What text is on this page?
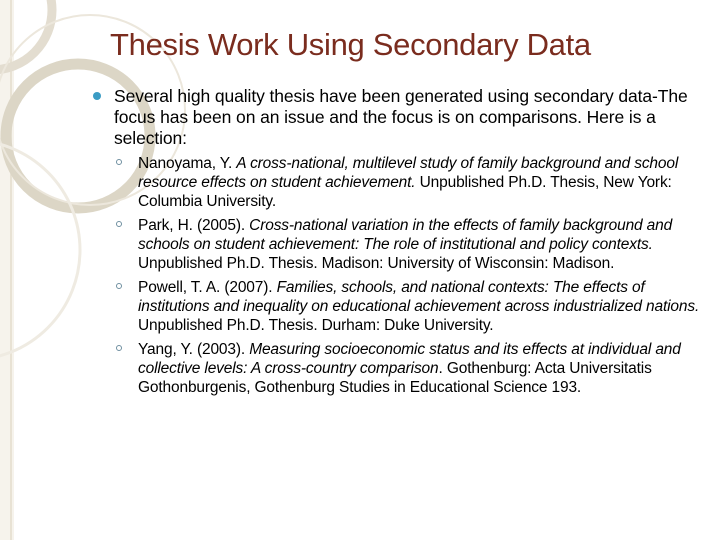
Thesis Work Using Secondary Data
Several high quality thesis have been generated using secondary data-The focus has been on an issue and the focus is on comparisons. Here is a selection:
Nanoyama, Y. A cross-national, multilevel study of family background and school resource effects on student achievement. Unpublished Ph.D. Thesis, New York: Columbia University.
Park, H. (2005). Cross-national variation in the effects of family background and schools on student achievement: The role of institutional and policy contexts. Unpublished Ph.D. Thesis. Madison: University of Wisconsin: Madison.
Powell, T. A. (2007). Families, schools, and national contexts: The effects of institutions and inequality on educational achievement across industrialized nations. Unpublished Ph.D. Thesis. Durham: Duke University.
Yang, Y. (2003). Measuring socioeconomic status and its effects at individual and collective levels: A cross-country comparison. Gothenburg: Acta Universitatis Gothonburgenis, Gothenburg Studies in Educational Science 193.
